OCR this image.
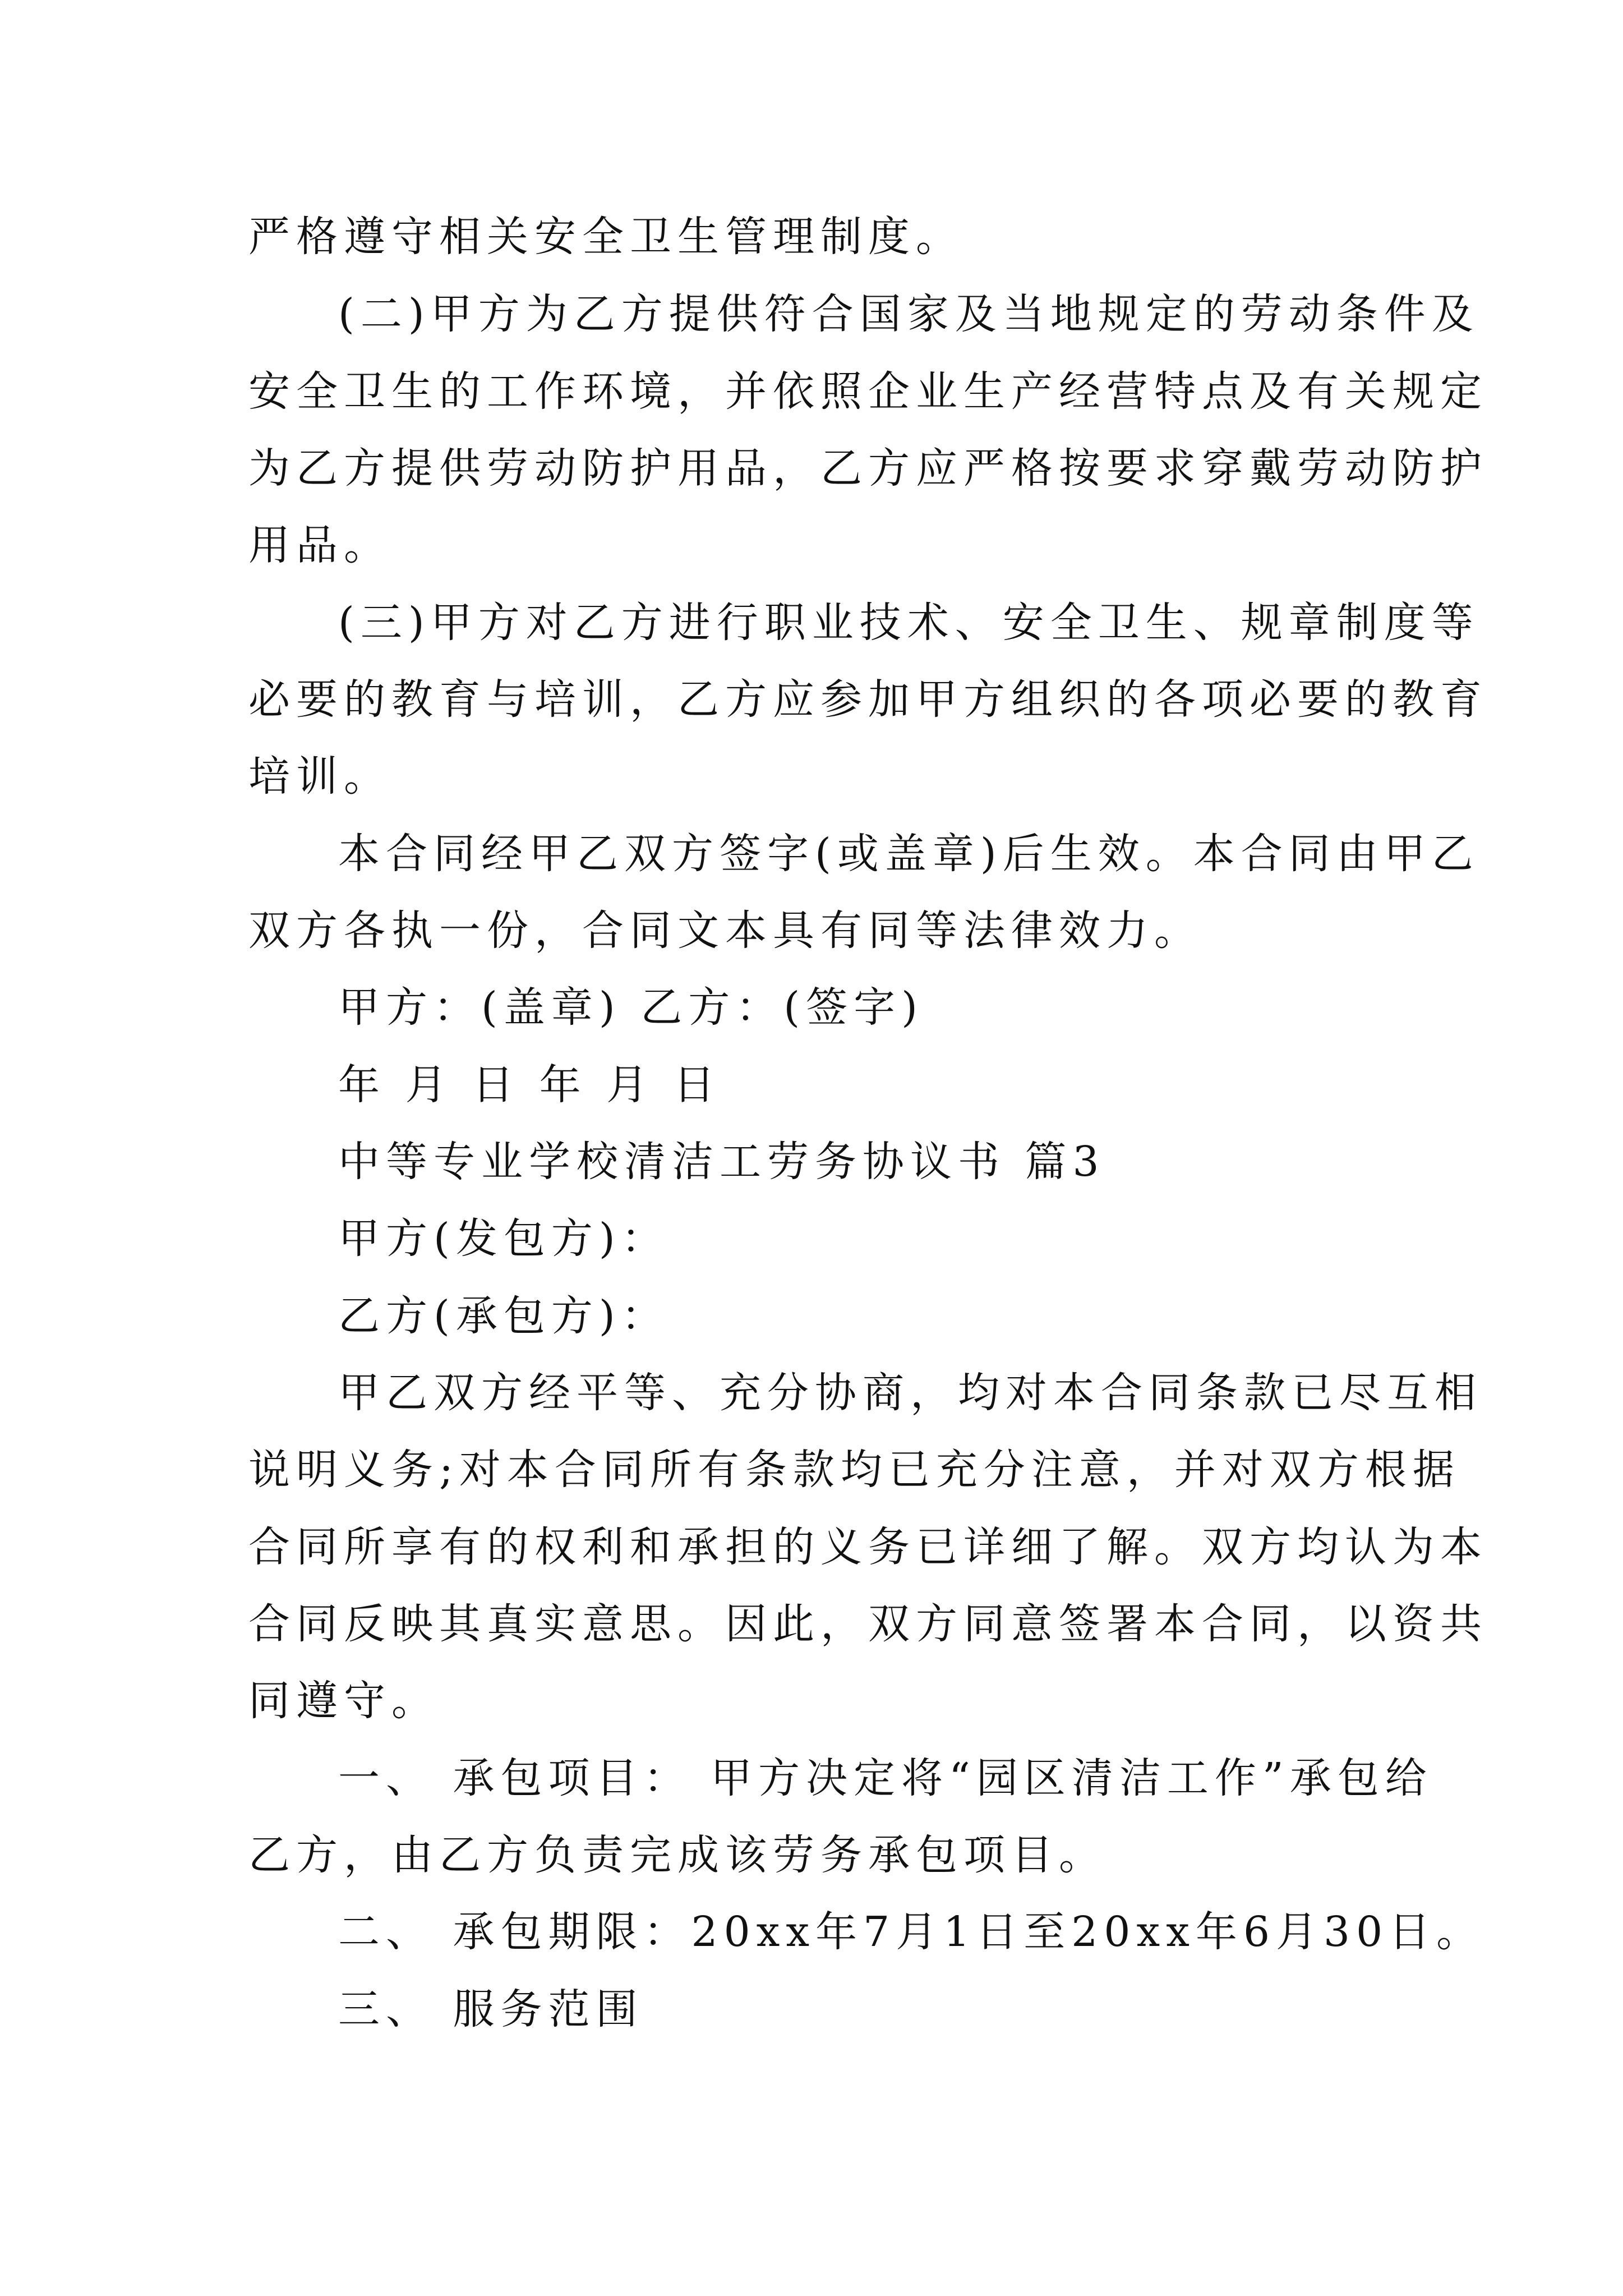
严格遵守相关安全卫生管理制度。
(二)甲方为乙方提供符合国家及当地规定的劳动条件及
安全卫生的工作环境，并依照企业生产经营特点及有关规定
为乙方提供劳动防护用品，乙方应严格按要求穿戴劳动防护
用品。
(三)甲方对乙方进行职业技术、安全卫生、规章制度等
必要的教育与培训，乙方应参加甲方组织的各项必要的教育
培训。
本合同经甲乙双方签字(或盖章)后生效。本合同由甲乙
双方各执一份，合同文本具有同等法律效力。
甲方：(盖章) 乙方：(签字)
年 月 日 年 月 日
中等专业学校清洁工劳务协议书 篇3
甲方(发包方)：
乙方(承包方)：
甲乙双方经平等、充分协商，均对本合同条款已尽互相
说明义务;对本合同所有条款均已充分注意，并对双方根据
合同所享有的权利和承担的义务已详细了解。双方均认为本
合同反映其真实意思。因此，双方同意签署本合同，以资共
同遵守。
一、 承包项目： 甲方决定将“园区清洁工作”承包给
乙方，由乙方负责完成该劳务承包项目。
二、 承包期限：20xx年7月1日至20xx年6月30日。
三、 服务范围
